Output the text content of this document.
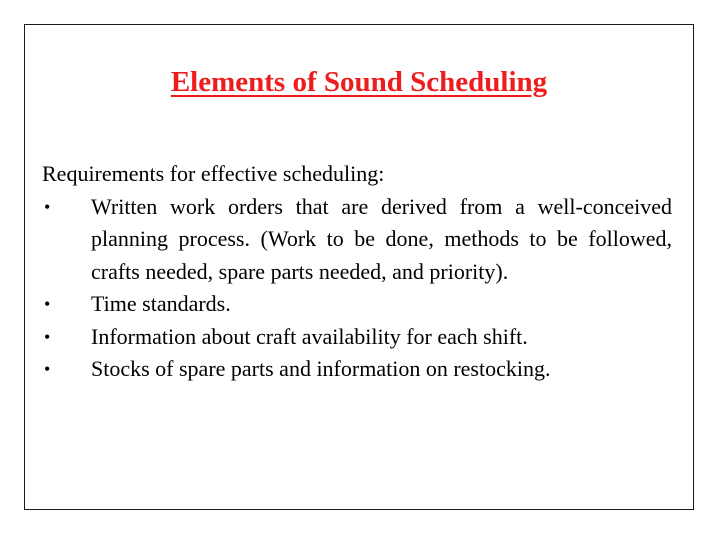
Elements of Sound Scheduling

Requirements for effective scheduling:

• Written work orders that are derived from a well-conceived planning process. (Work to be done, methods to be followed, crafts needed, spare parts needed, and priority).
• Time standards.
• Information about craft availability for each shift.
• Stocks of spare parts and information on restocking.
